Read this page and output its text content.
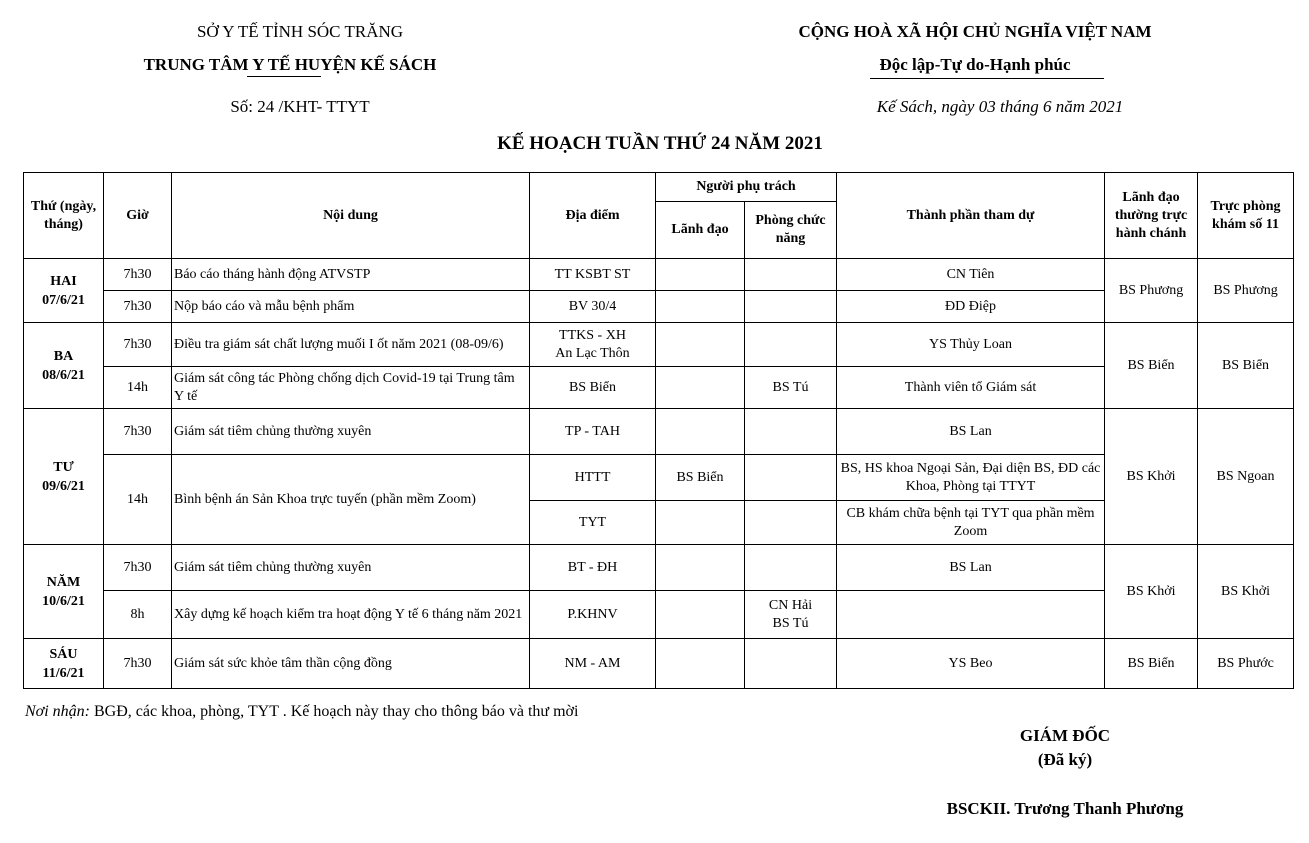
SỞ Y TẾ TỈNH SÓC TRĂNG
TRUNG TÂM Y TẾ HUYỆN KẾ SÁCH
Số: 24 /KHT- TTYT
CỘNG HOÀ XÃ HỘI CHỦ NGHĨA VIỆT NAM
Độc lập-Tự do-Hạnh phúc
Kế Sách, ngày 03 tháng 6 năm 2021
KẾ HOẠCH TUẦN THỨ 24 NĂM 2021
Thứ (ngày, tháng)	Giờ	Nội dung	Địa điểm	Người phụ trách		Thành phần tham dự	Lãnh đạo thường trực hành chánh	Trực phòng khám số 11
				Lãnh đạo	Phòng chức năng			
HAI
07/6/21	7h30	Báo cáo tháng hành động ATVSTP	TT KSBT ST			CN Tiên	BS Phương	BS Phương
	7h30	Nộp báo cáo và mẫu bệnh phẩm	BV 30/4			ĐD Điệp		
BA
08/6/21	7h30	Điều tra giám sát chất lượng muối I ốt năm 2021 (08-09/6)	TTKS - XH
An Lạc Thôn			YS Thủy Loan	BS Biển	BS Biển
	14h	Giám sát công tác Phòng chống dịch Covid-19 tại Trung tâm Y tế	BS Biển		BS Tú	Thành viên tổ Giám sát		
TƯ
09/6/21	7h30	Giám sát tiêm chủng thường xuyên	TP - TAH			BS Lan	BS Khởi	BS Ngoan
	14h	Bình bệnh án Sản Khoa trực tuyến (phần mềm Zoom)	HTTT	BS Biển		BS, HS khoa Ngoại Sản, Đại diện BS, ĐD các Khoa, Phòng tại TTYT		
			TYT			CB khám chữa bệnh tại TYT qua phần mềm Zoom		
NĂM
10/6/21	7h30	Giám sát tiêm chủng thường xuyên	BT - ĐH			BS Lan	BS Khởi	BS Khởi
	8h	Xây dựng kế hoạch kiểm tra hoạt động Y tế 6 tháng năm 2021	P.KHNV		CN Hải
BS Tú			
SÁU
11/6/21	7h30	Giám sát sức khỏe tâm thần cộng đồng	NM - AM			YS Beo	BS Biển	BS Phước
Nơi nhận: BGĐ, các khoa, phòng, TYT . Kế hoạch này thay cho thông báo và thư mời
GIÁM ĐỐC
(Đã ký)
BSCKII. Trương Thanh Phương
